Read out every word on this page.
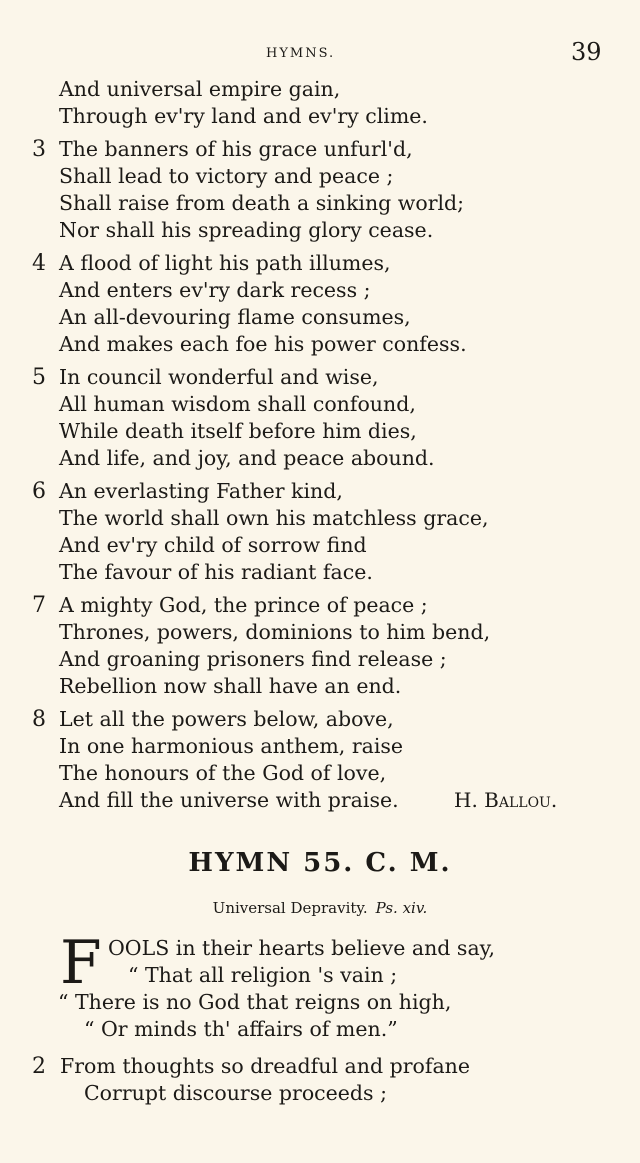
HYMNS.	39
And universal empire gain,
Through ev'ry land and ev'ry clime.
3 The banners of his grace unfurl'd,
Shall lead to victory and peace ;
Shall raise from death a sinking world;
Nor shall his spreading glory cease.
4 A flood of light his path illumes,
And enters ev'ry dark recess ;
An all-devouring flame consumes,
And makes each foe his power confess.
5 In council wonderful and wise,
All human wisdom shall confound,
While death itself before him dies,
And life, and joy, and peace abound.
6 An everlasting Father kind,
The world shall own his matchless grace,
And ev'ry child of sorrow find
The favour of his radiant face.
7 A mighty God, the prince of peace ;
Thrones, powers, dominions to him bend,
And groaning prisoners find release ;
Rebellion now shall have an end.
8 Let all the powers below, above,
In one harmonious anthem, raise
The honours of the God of love,
And fill the universe with praise.	H. Ballou.
HYMN 55. C. M.
Universal Depravity. Ps. xiv.
F OOLS in their hearts believe and say,
“ That all religion 's vain ;
“ There is no God that reigns on high,
“ Or minds th' affairs of men.”
2 From thoughts so dreadful and profane
Corrupt discourse proceeds ;
